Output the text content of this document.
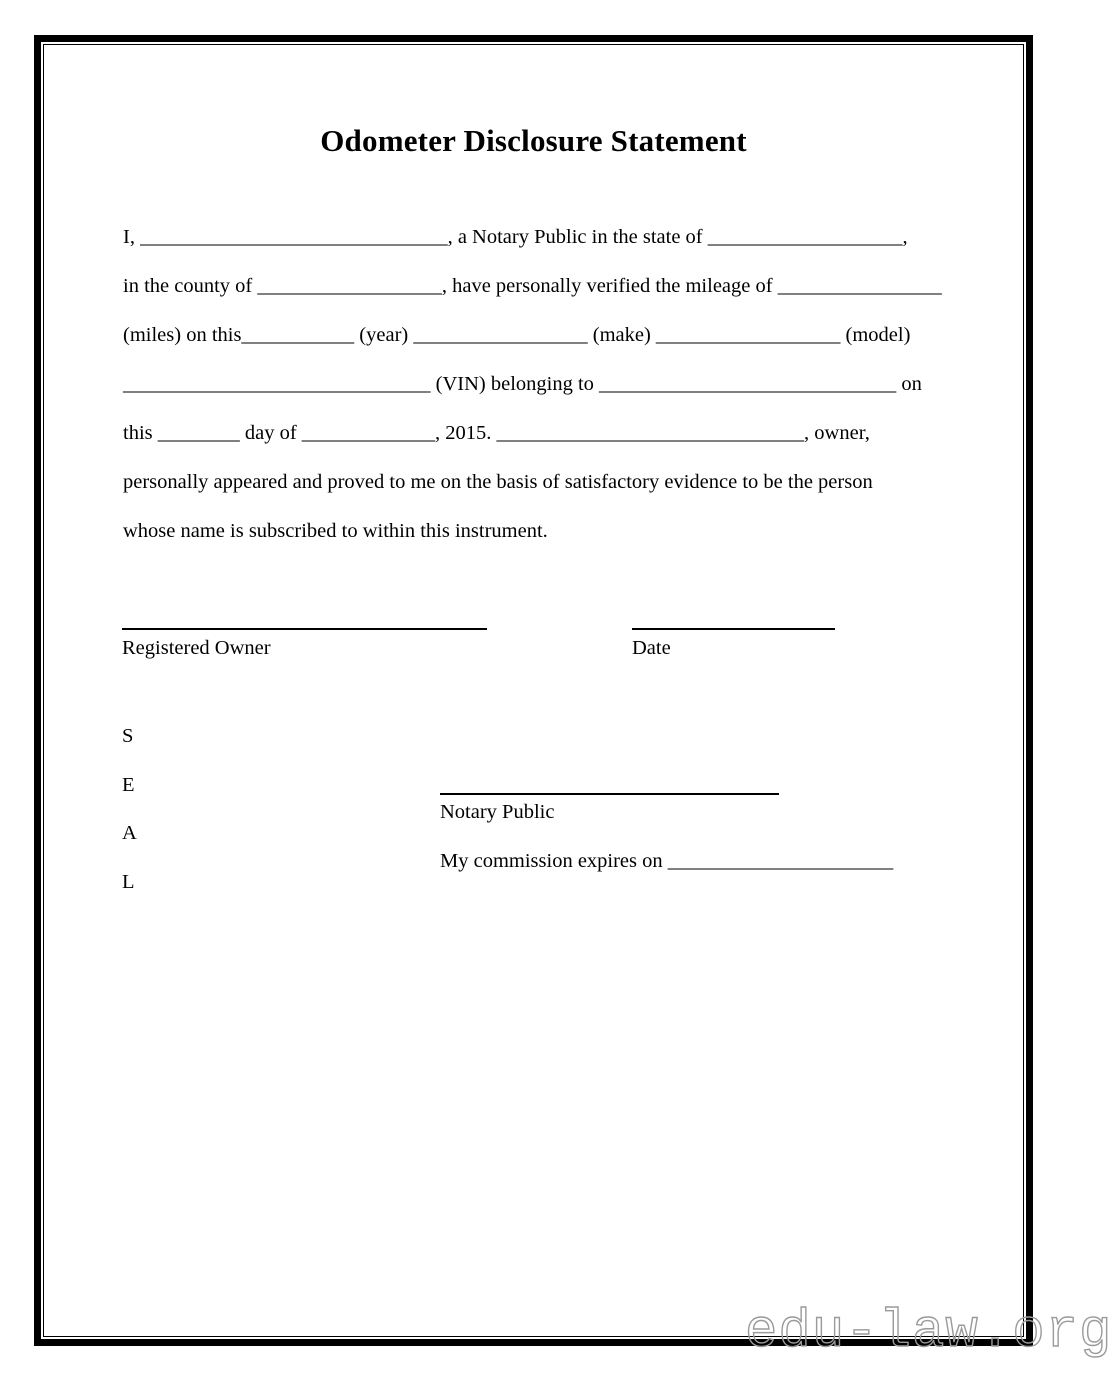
Odometer Disclosure Statement

I, ______________________________, a Notary Public in the state of ___________________,

in the county of __________________, have personally verified the mileage of ________________

(miles) on this___________ (year) _________________ (make) __________________ (model)

______________________________ (VIN) belonging to _____________________________ on

this ________ day of _____________, 2015. ______________________________, owner,

personally appeared and proved to me on the basis of satisfactory evidence to be the person

whose name is subscribed to within this instrument.

Registered Owner	Date
S
E
A
L
Notary Public
My commission expires on ______________________
